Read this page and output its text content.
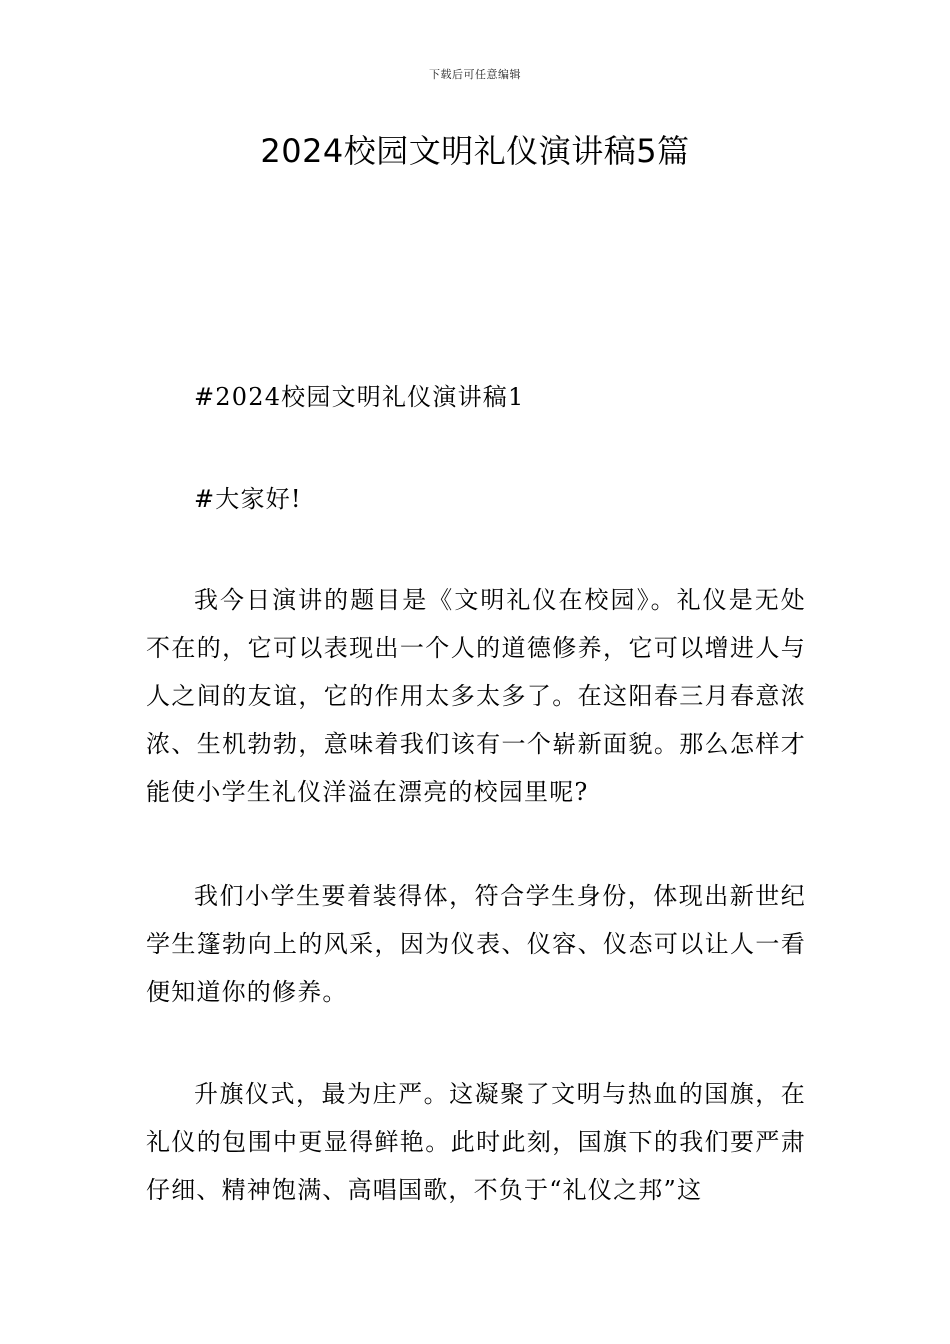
下载后可任意编辑
2024校园文明礼仪演讲稿5篇

#2024校园文明礼仪演讲稿1

#大家好!

我今日演讲的题目是《文明礼仪在校园》。礼仪是无处不在的，它可以表现出一个人的道德修养，它可以增进人与人之间的友谊，它的作用太多太多了。在这阳春三月春意浓浓、生机勃勃，意味着我们该有一个崭新面貌。那么怎样才能使小学生礼仪洋溢在漂亮的校园里呢?

我们小学生要着装得体，符合学生身份，体现出新世纪学生篷勃向上的风采，因为仪表、仪容、仪态可以让人一看便知道你的修养。

升旗仪式，最为庄严。这凝聚了文明与热血的国旗，在礼仪的包围中更显得鲜艳。此时此刻，国旗下的我们要严肃仔细、精神饱满、高唱国歌，不负于“礼仪之邦”这
